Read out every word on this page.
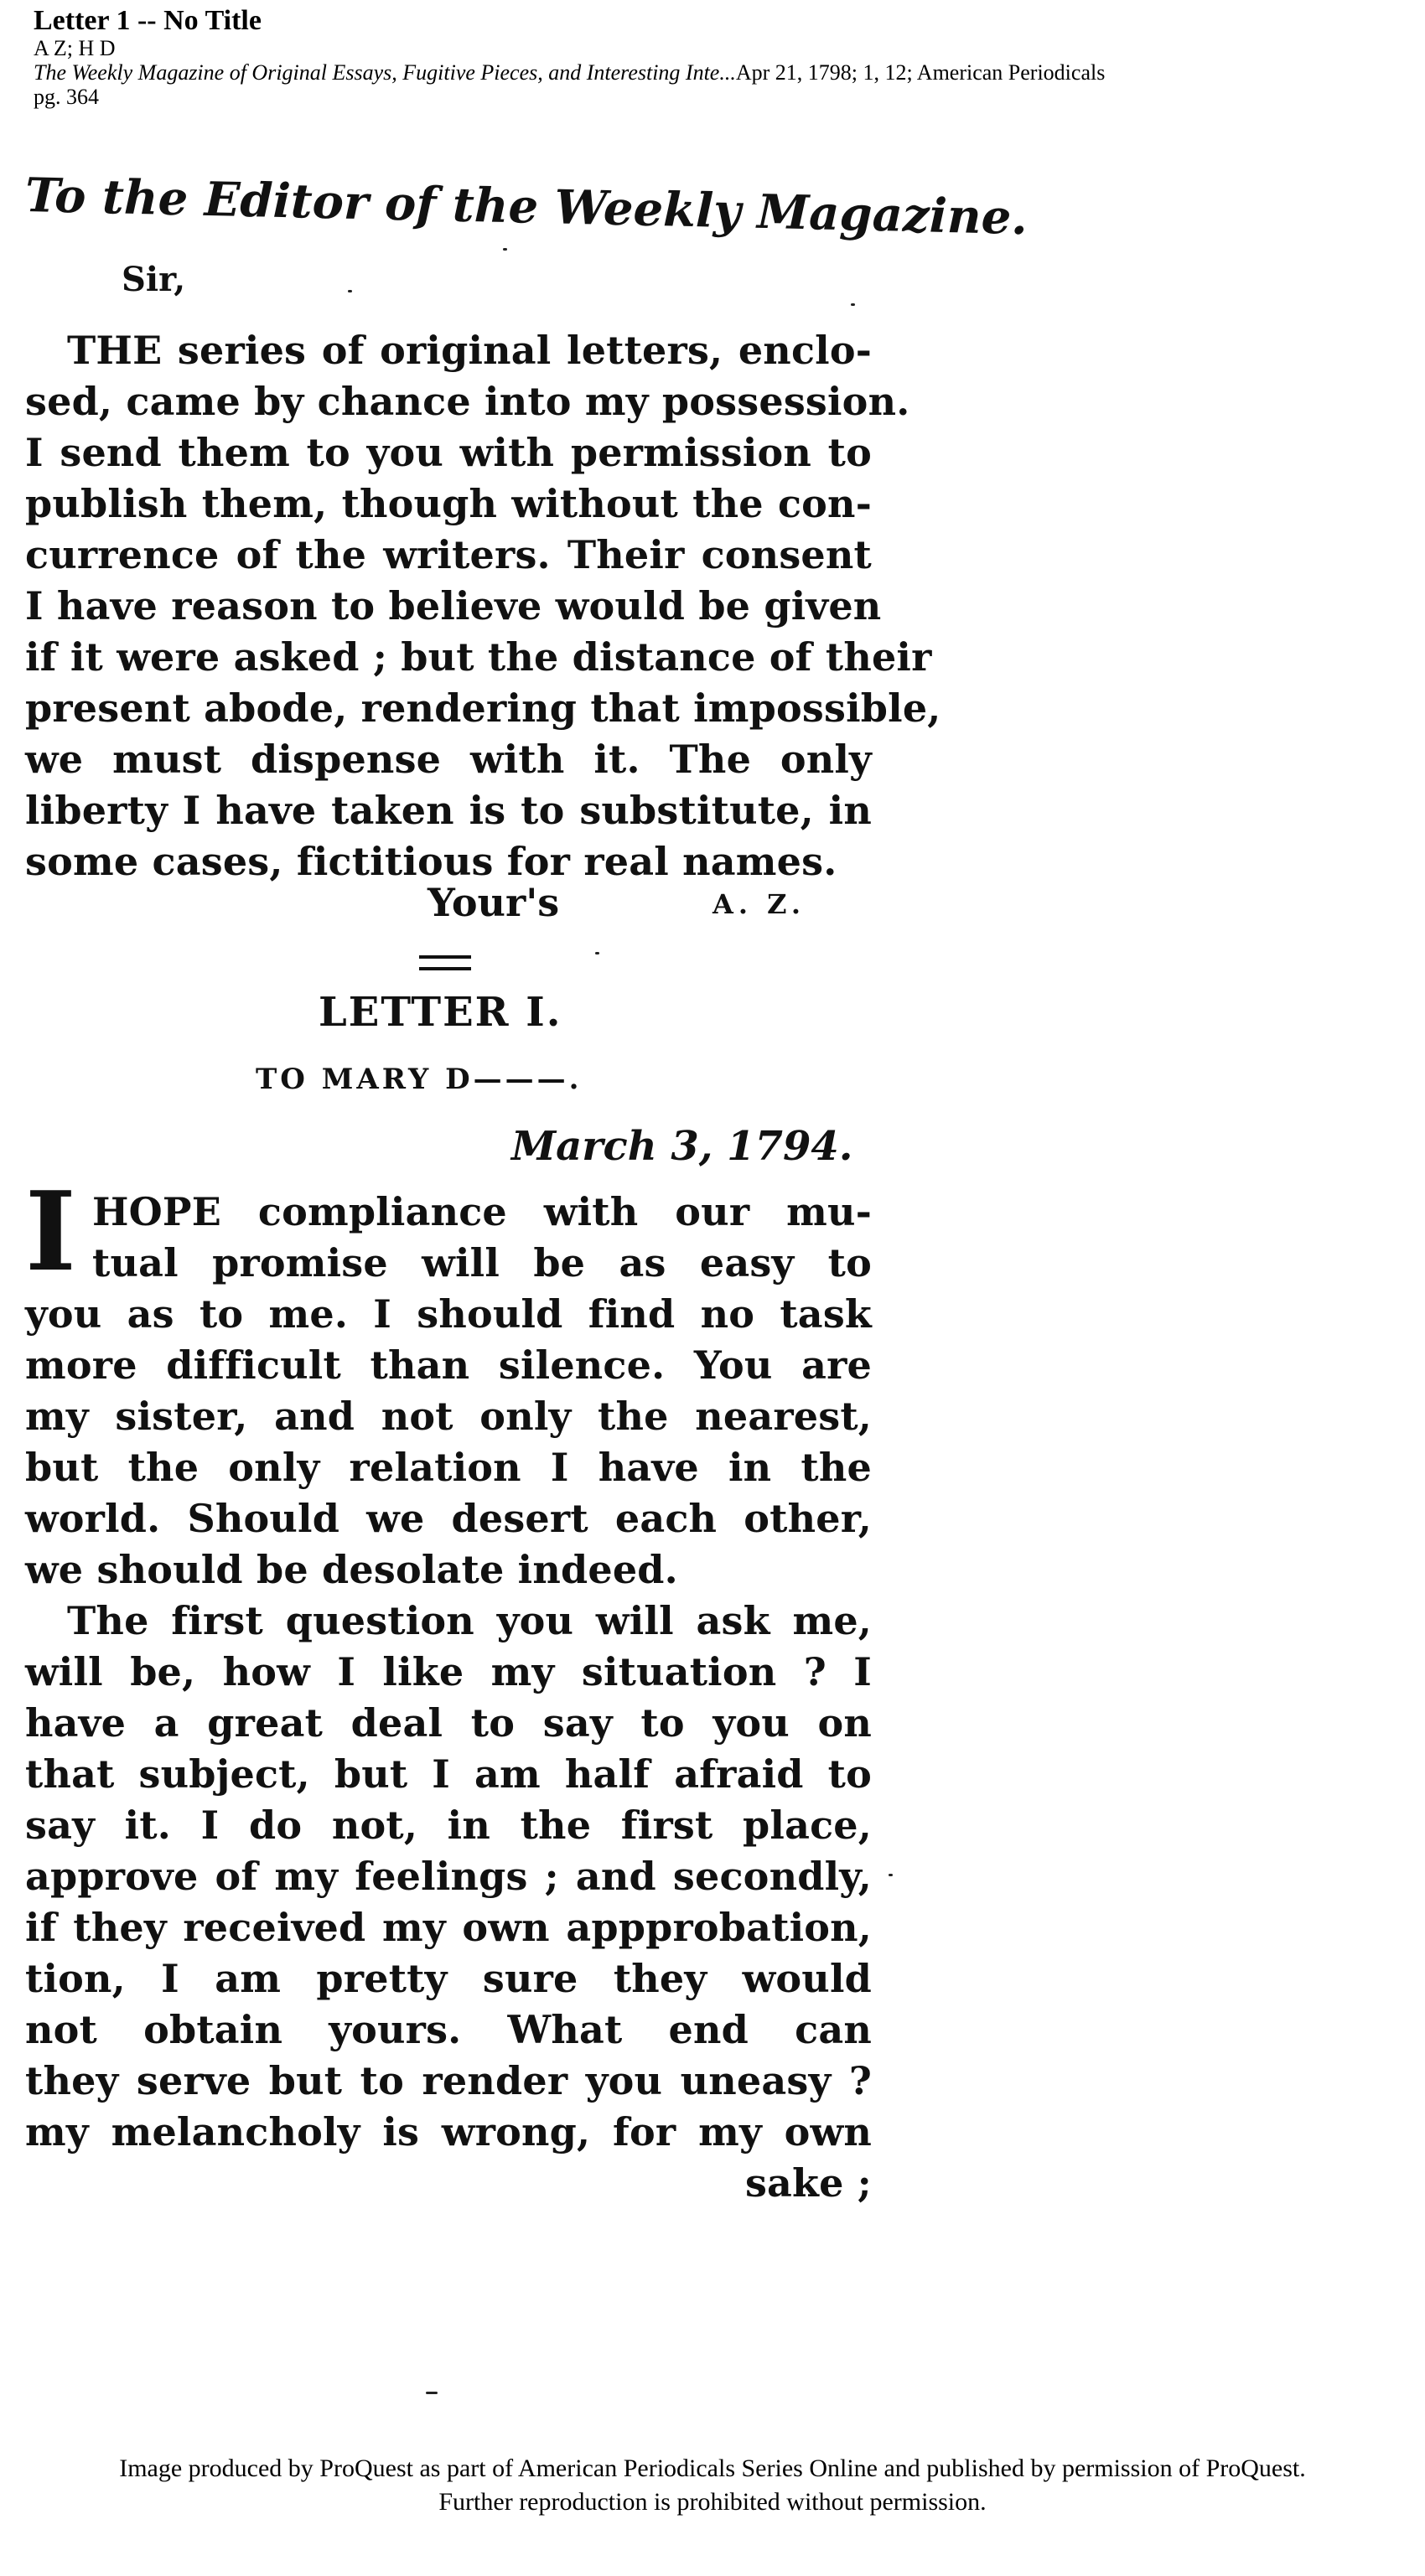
Letter 1 -- No Title
A Z; H D
The Weekly Magazine of Original Essays, Fugitive Pieces, and Interesting Inte...Apr 21, 1798; 1, 12; American Periodicals
pg. 364
To the Editor of the Weekly Magazine.
Sir,
THE series of original letters, enclo-
sed, came by chance into my possession.
I send them to you with permission to
publish them, though without the con-
currence of the writers. Their consent
I have reason to believe would be given
if it were asked ; but the distance of their
present abode, rendering that impossible,
we must dispense with it. The only
liberty I have taken is to substitute, in
some cases, fictitious for real names.
Your's	A. Z.
LETTER I.
TO MARY D———.
March 3, 1794.
I HOPE compliance with our mu-
tual promise will be as easy to
you as to me. I should find no task
more difficult than silence. You are
my sister, and not only the nearest,
but the only relation I have in the
world. Should we desert each other,
we should be desolate indeed.
The first question you will ask me,
will be, how I like my situation ? I
have a great deal to say to you on
that subject, but I am half afraid to
say it. I do not, in the first place,
approve of my feelings ; and secondly,
if they received my own appprobation,
tion, I am pretty sure they would
not obtain yours. What end can
they serve but to render you uneasy ?
my melancholy is wrong, for my own
sake ;
Image produced by ProQuest as part of American Periodicals Series Online and published by permission of ProQuest.
Further reproduction is prohibited without permission.
